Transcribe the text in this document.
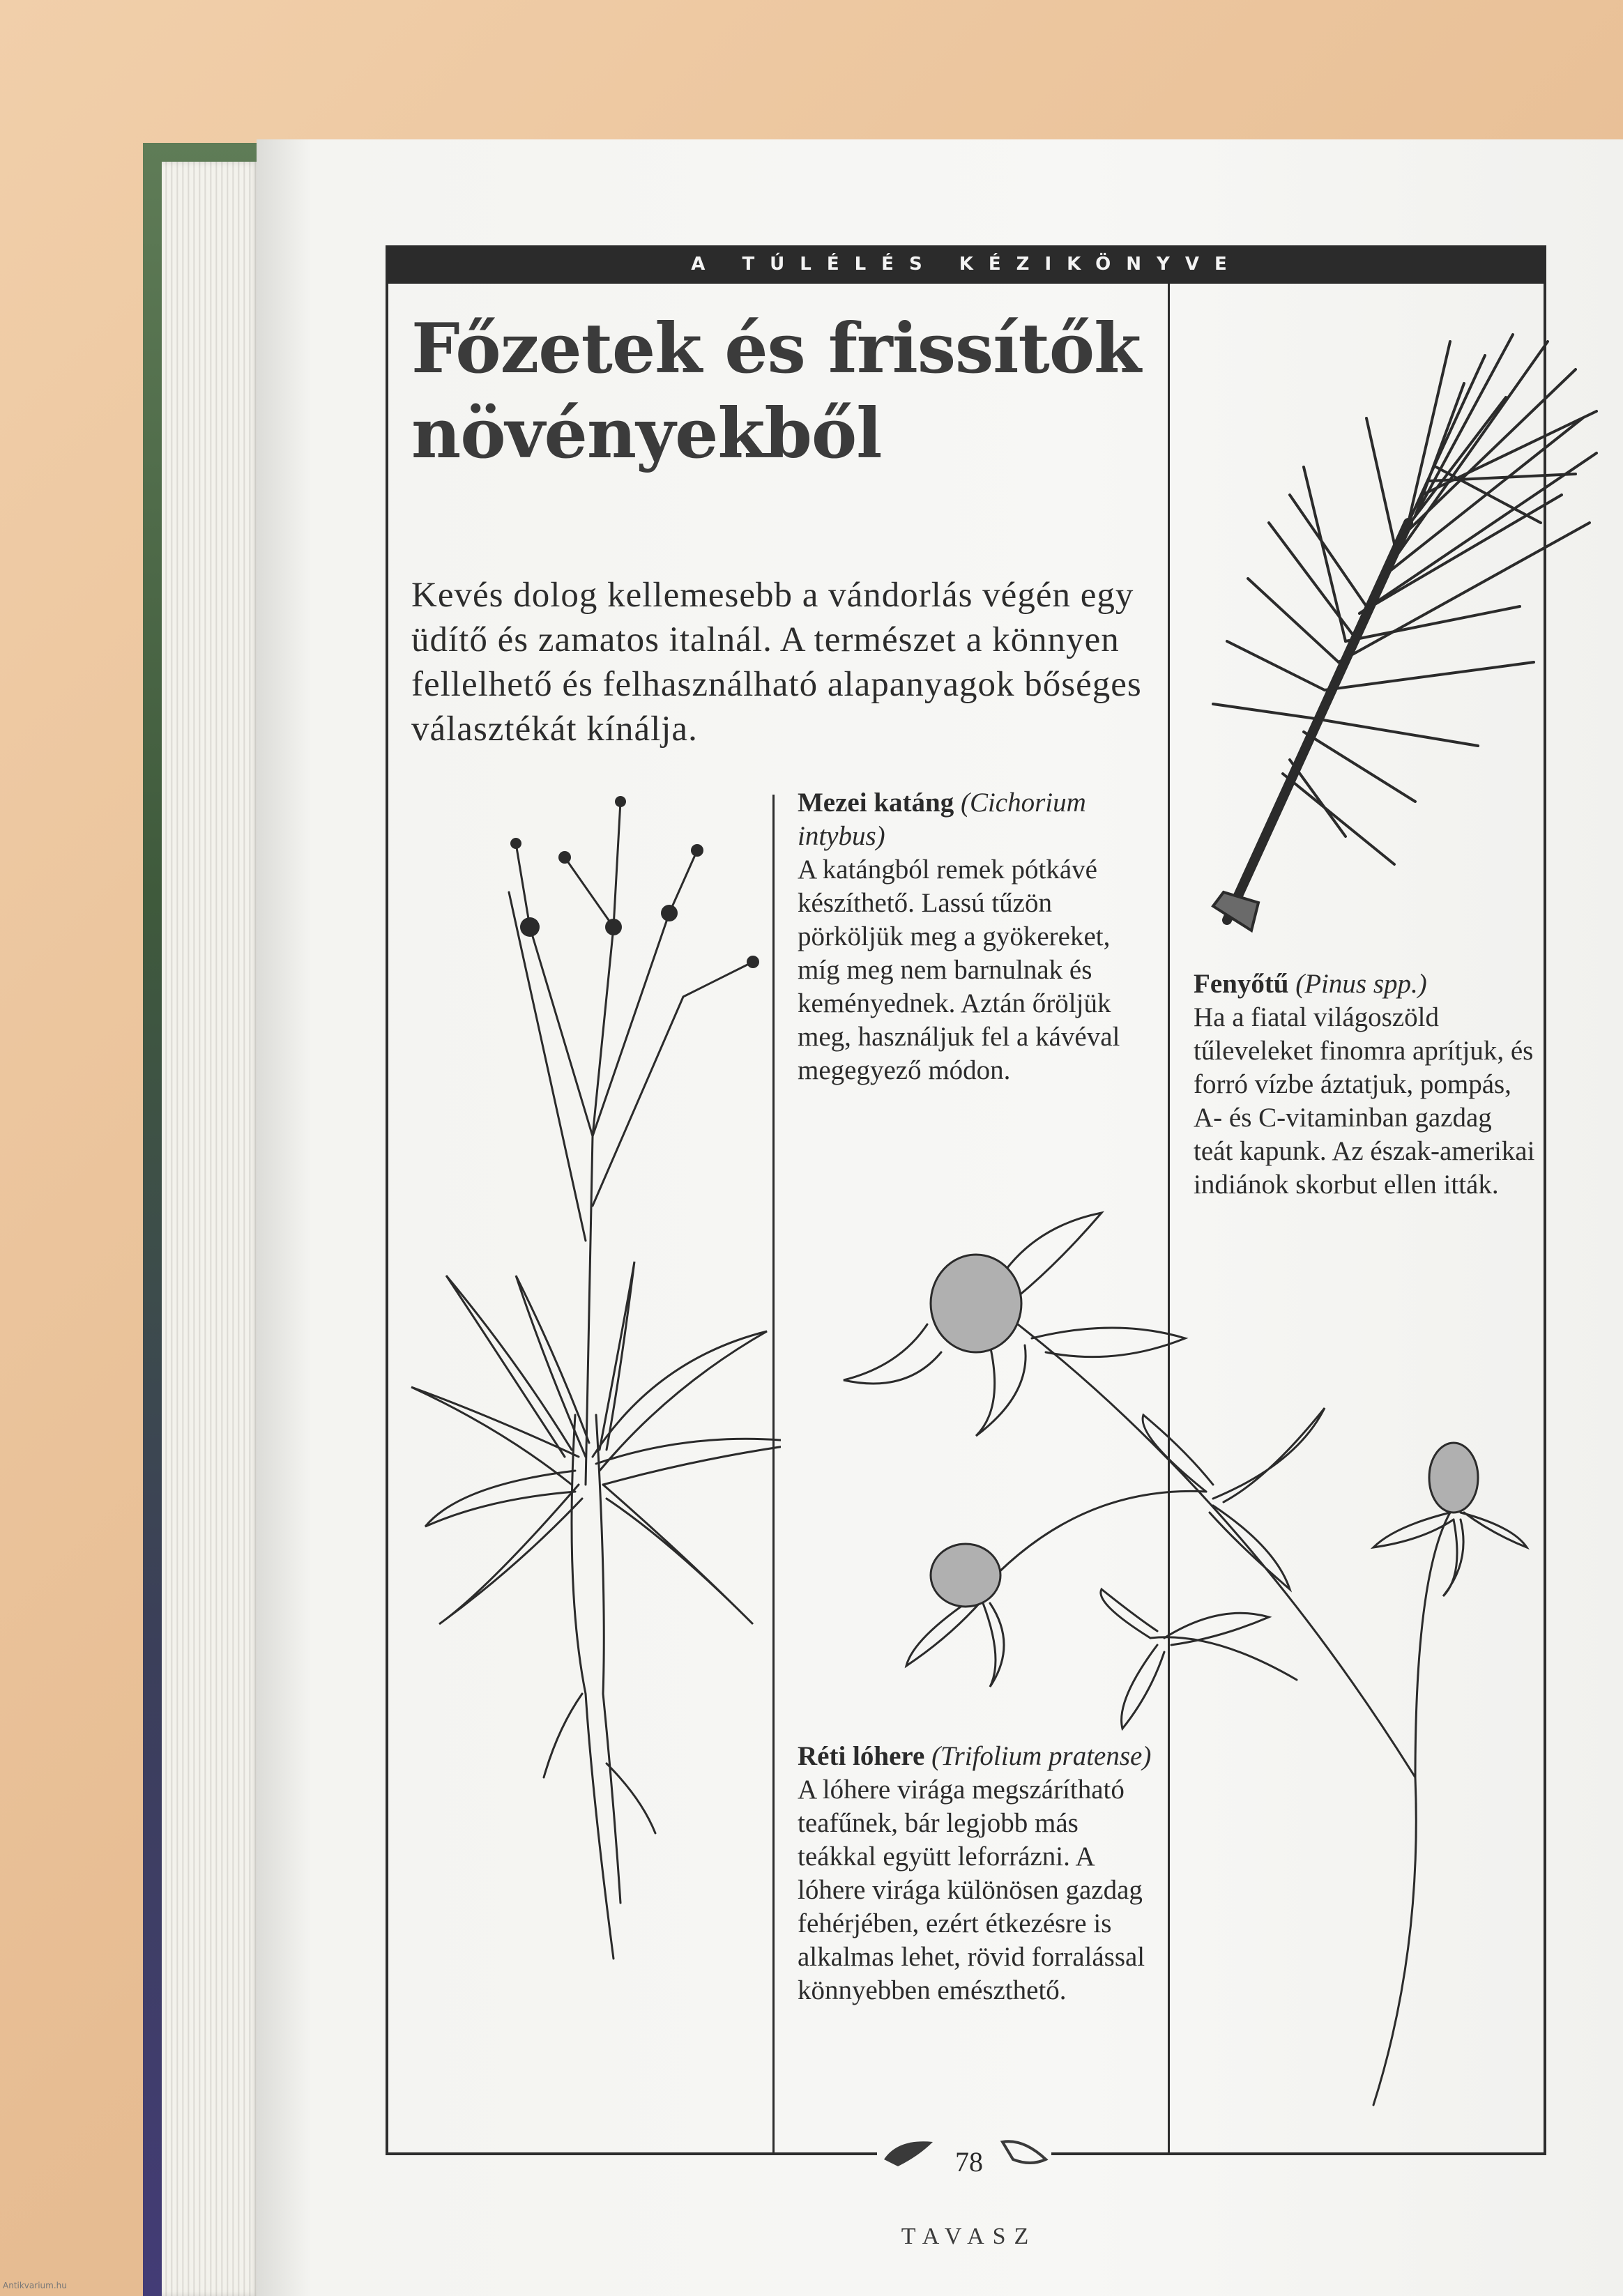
A TÚLÉLÉS KÉZIKÖNYVE
Főzetek és frissítők növényekből

Kevés dolog kellemesebb a vándorlás végén egy üdítő és zamatos italnál. A természet a könnyen fellelhető és felhasználható alapanyagok bőséges választékát kínálja.

Mezei katáng (Cichorium intybus)
A katángból remek pótkávé készíthető. Lassú tűzön pörköljük meg a gyökereket, míg meg nem barnulnak és keményednek. Aztán őröljük meg, használjuk fel a kávéval megegyező módon.

Fenyőtű (Pinus spp.)
Ha a fiatal világoszöld tűleveleket finomra aprítjuk, és forró vízbe áztatjuk, pompás, A- és C-vitaminban gazdag teát kapunk. Az észak-amerikai indiánok skorbut ellen itták.

Réti lóhere (Trifolium pratense)
A lóhere virága megszárítható teafűnek, bár legjobb más teákkal együtt leforrázni. A lóhere virága különösen gazdag fehérjében, ezért étkezésre is alkalmas lehet, rövid forralással könnyebben emészthető.

78
TAVASZ
Antikvarium.hu
